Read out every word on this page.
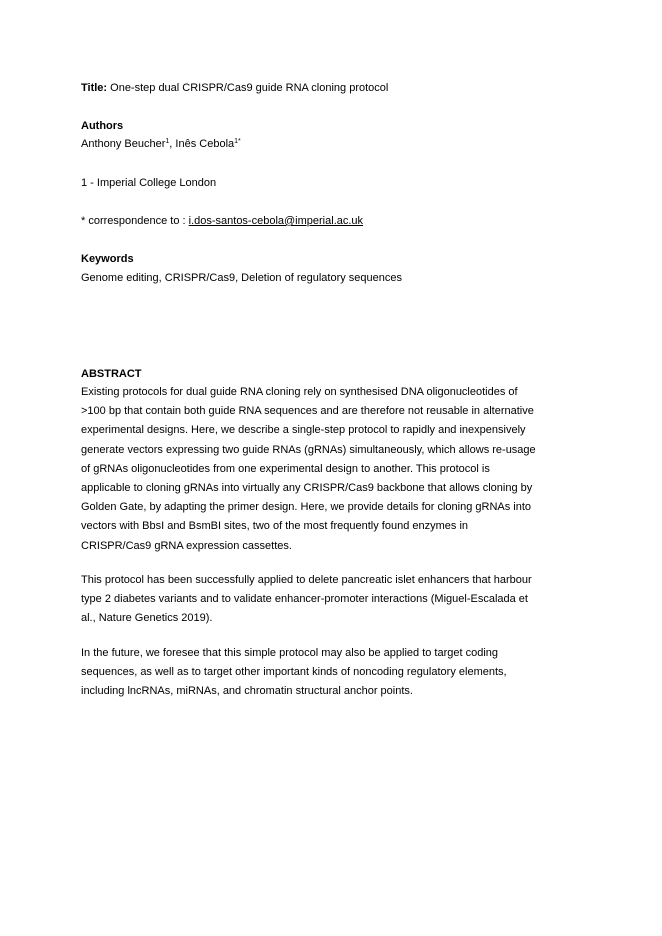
Title: One-step dual CRISPR/Cas9 guide RNA cloning protocol
Authors
Anthony Beucher$^1$, Inês Cebola$^{1*}$
1 - Imperial College London
* correspondence to : i.dos-santos-cebola@imperial.ac.uk
Keywords
Genome editing, CRISPR/Cas9, Deletion of regulatory sequences
ABSTRACT
Existing protocols for dual guide RNA cloning rely on synthesised DNA oligonucleotides of
>100 bp that contain both guide RNA sequences and are therefore not reusable in alternative
experimental designs. Here, we describe a single-step protocol to rapidly and inexpensively
generate vectors expressing two guide RNAs (gRNAs) simultaneously, which allows re-usage
of gRNAs oligonucleotides from one experimental design to another. This protocol is
applicable to cloning gRNAs into virtually any CRISPR/Cas9 backbone that allows cloning by
Golden Gate, by adapting the primer design. Here, we provide details for cloning gRNAs into
vectors with BbsI and BsmBI sites, two of the most frequently found enzymes in
CRISPR/Cas9 gRNA expression cassettes.
This protocol has been successfully applied to delete pancreatic islet enhancers that harbour
type 2 diabetes variants and to validate enhancer-promoter interactions (Miguel-Escalada et
al., Nature Genetics 2019).
In the future, we foresee that this simple protocol may also be applied to target coding
sequences, as well as to target other important kinds of noncoding regulatory elements,
including lncRNAs, miRNAs, and chromatin structural anchor points.
